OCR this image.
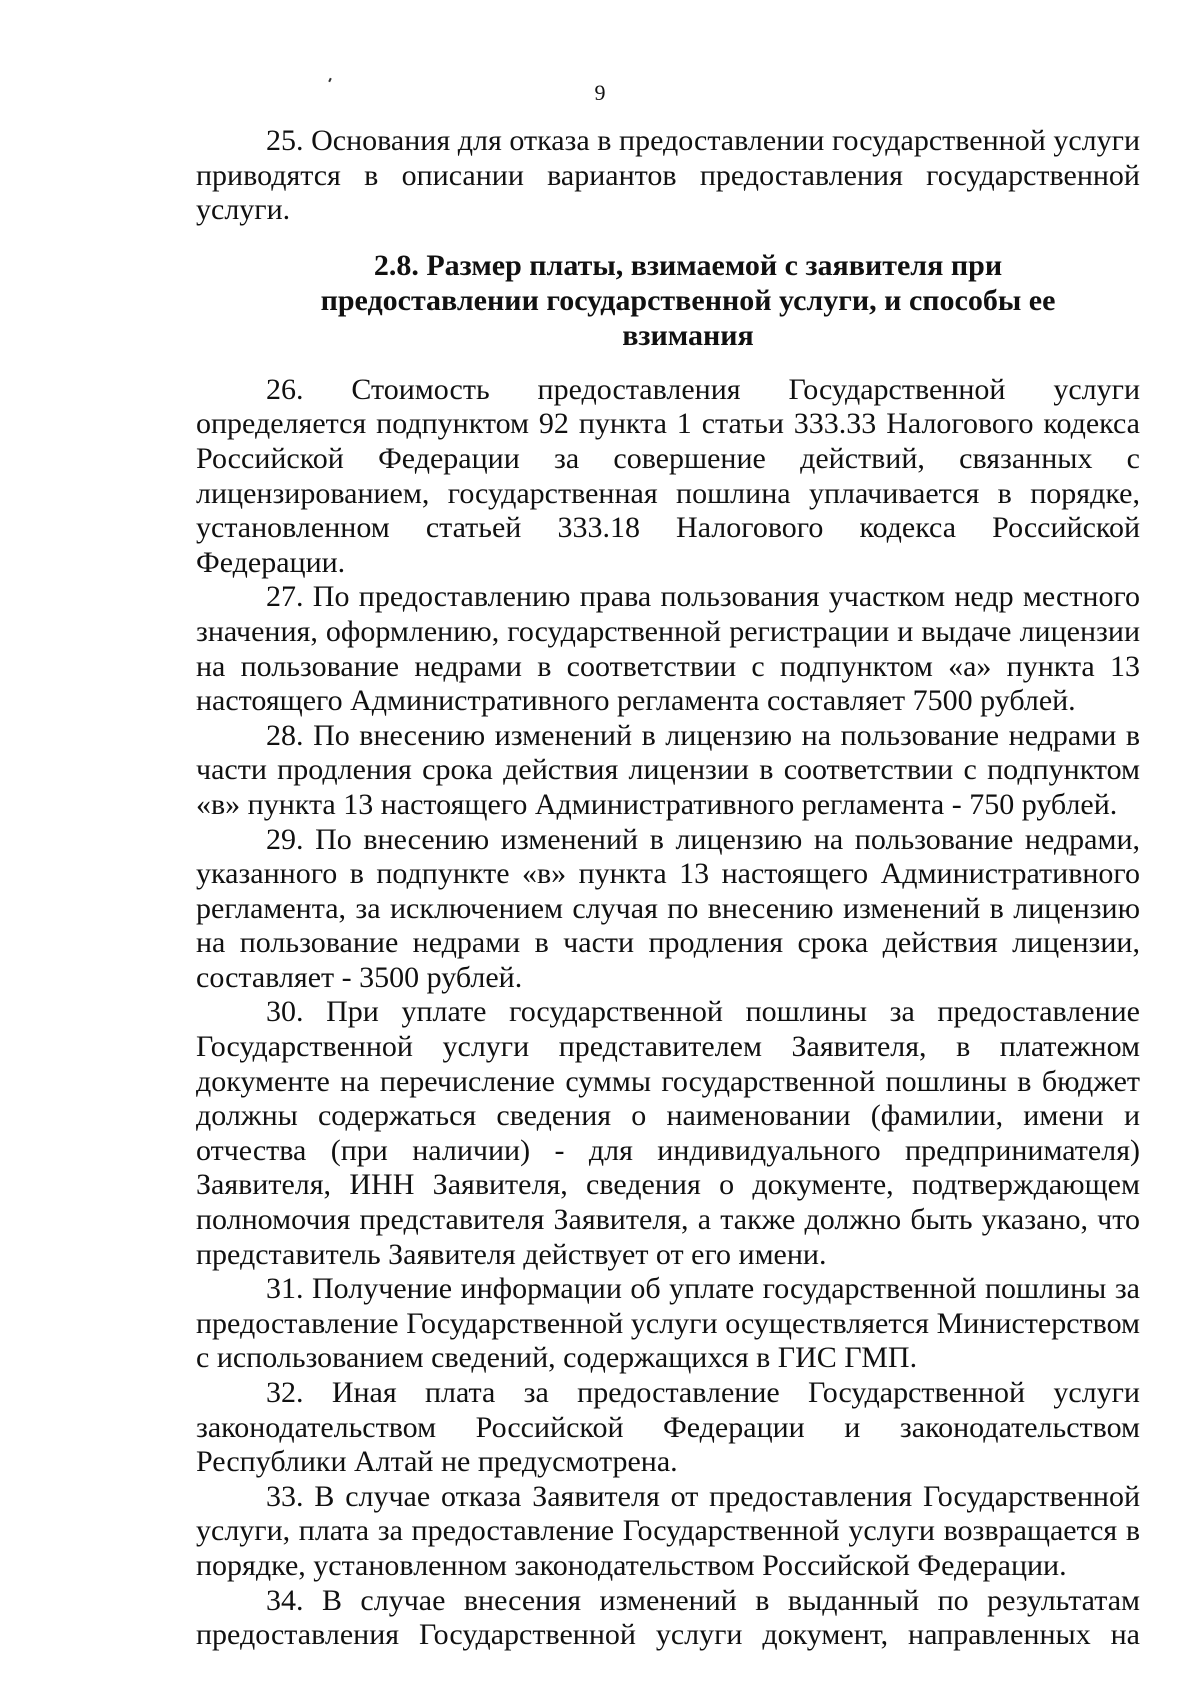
9

25. Основания для отказа в предоставлении государственной услуги приводятся в описании вариантов предоставления государственной услуги.

2.8. Размер платы, взимаемой с заявителя при предоставлении государственной услуги, и способы ее взимания

26. Стоимость предоставления Государственной услуги определяется подпунктом 92 пункта 1 статьи 333.33 Налогового кодекса Российской Федерации за совершение действий, связанных с лицензированием, государственная пошлина уплачивается в порядке, установленном статьей 333.18 Налогового кодекса Российской Федерации.

27. По предоставлению права пользования участком недр местного значения, оформлению, государственной регистрации и выдаче лицензии на пользование недрами в соответствии с подпунктом «а» пункта 13 настоящего Административного регламента составляет 7500 рублей.

28. По внесению изменений в лицензию на пользование недрами в части продления срока действия лицензии в соответствии с подпунктом «в» пункта 13 настоящего Административного регламента - 750 рублей.

29. По внесению изменений в лицензию на пользование недрами, указанного в подпункте «в» пункта 13 настоящего Административного регламента, за исключением случая по внесению изменений в лицензию на пользование недрами в части продления срока действия лицензии, составляет - 3500 рублей.

30. При уплате государственной пошлины за предоставление Государственной услуги представителем Заявителя, в платежном документе на перечисление суммы государственной пошлины в бюджет должны содержаться сведения о наименовании (фамилии, имени и отчества (при наличии) - для индивидуального предпринимателя) Заявителя, ИНН Заявителя, сведения о документе, подтверждающем полномочия представителя Заявителя, а также должно быть указано, что представитель Заявителя действует от его имени.

31. Получение информации об уплате государственной пошлины за предоставление Государственной услуги осуществляется Министерством с использованием сведений, содержащихся в ГИС ГМП.

32. Иная плата за предоставление Государственной услуги законодательством Российской Федерации и законодательством Республики Алтай не предусмотрена.

33. В случае отказа Заявителя от предоставления Государственной услуги, плата за предоставление Государственной услуги возвращается в порядке, установленном законодательством Российской Федерации.

34. В случае внесения изменений в выданный по результатам предоставления Государственной услуги документ, направленных на
